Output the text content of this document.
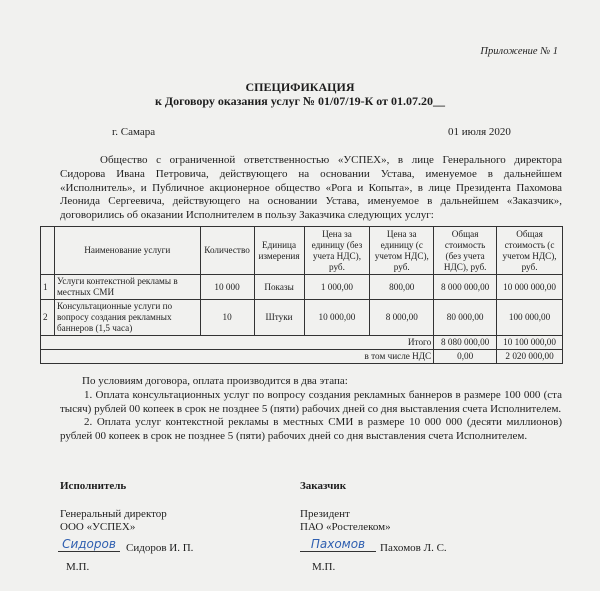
Приложение № 1
СПЕЦИФИКАЦИЯ
к Договору оказания услуг № 01/07/19-К от 01.07.20__
г. Самара	01 июля 2020
Общество с ограниченной ответственностью «УСПЕХ», в лице Генерального директора Сидорова Ивана Петровича, действующего на основании Устава, именуемое в дальнейшем «Исполнитель», и Публичное акционерное общество «Рога и Копыта», в лице Президента Пахомова Леонида Сергеевича, действующего на основании Устава, именуемое в дальнейшем «Заказчик», договорились об оказании Исполнителем в пользу Заказчика следующих услуг:
	Наименование услуги	Количество	Единица измерения	Цена за единицу (без учета НДС), руб.	Цена за единицу (с учетом НДС), руб.	Общая стоимость (без учета НДС), руб.	Общая стоимость (с учетом НДС), руб.
1	Услуги контекстной рекламы в местных СМИ	10 000	Показы	1 000,00	800,00	8 000 000,00	10 000 000,00
2	Консультационные услуги по вопросу создания рекламных баннеров (1,5 часа)	10	Штуки	10 000,00	8 000,00	80 000,00	100 000,00
Итого						8 080 000,00	10 100 000,00
в том числе НДС						0,00	2 020 000,00

По условиям договора, оплата производится в два этапа:

1. Оплата консультационных услуг по вопросу создания рекламных баннеров в размере 100 000 (ста тысяч) рублей 00 копеек в срок не позднее 5 (пяти) рабочих дней со дня выставления счета Исполнителем.

2. Оплата услуг контекстной рекламы в местных СМИ в размере 10 000 000 (десяти миллионов) рублей 00 копеек в срок не позднее 5 (пяти) рабочих дней со дня выставления счета Исполнителем.

Исполнитель
Генеральный директор
ООО «УСПЕХ»
Сидоров Сидоров И. П.
М.П.
Заказчик
Президент
ПАО «Ростелеком»
Пахомов	Пахомов Л. С.
М.П.
